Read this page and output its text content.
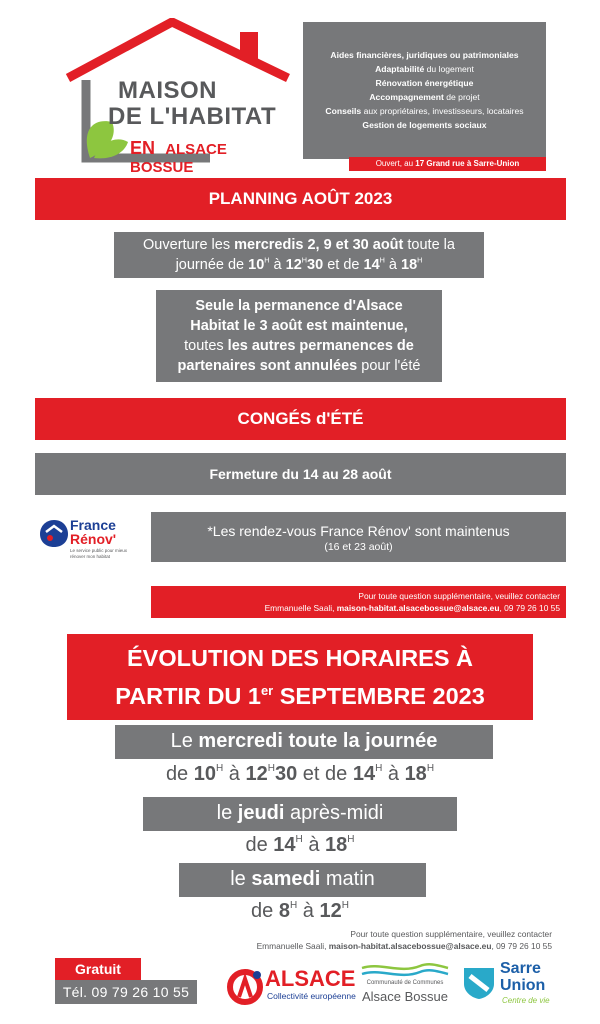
MAISON
DE L'HABITAT
EN ALSACE BOSSUE
Aides financières, juridiques ou patrimoniales
Adaptabilité du logement
Rénovation énergétique
Accompagnement de projet
Conseils aux propriétaires, investisseurs, locataires
Gestion de logements sociaux
Ouvert, au 17 Grand rue à Sarre-Union
PLANNING AOÛT 2023
Ouverture les mercredis 2, 9 et 30 août toute la
journée de $10^H$ à $12^H30$ et de $14^H$ à $18^H$
Seule la permanence d'Alsace
Habitat le 3 août est maintenue,
toutes les autres permanences de
partenaires sont annulées pour l'été
CONGÉS d'ÉTÉ
Fermeture du 14 au 28 août
France
Rénov'
Le service public pour mieux rénover mon habitat
*Les rendez-vous France Rénov' sont maintenus
(16 et 23 août)
Pour toute question supplémentaire, veuillez contacter
Emmanuelle Saali, maison-habitat.alsacebossue@alsace.eu, 09 79 26 10 55
ÉVOLUTION DES HORAIRES À
PARTIR DU 1er SEPTEMBRE 2023
Le mercredi toute la journée
de $10^H$ à $12^H30$ et de $14^H$ à $18^H$
le jeudi après-midi
de $14^H$ à $18^H$
le samedi matin
de $8^H$ à $12^H$
Pour toute question supplémentaire, veuillez contacter
Emmanuelle Saali, maison-habitat.alsacebossue@alsace.eu, 09 79 26 10 55
Gratuit
Tél. 09 79 26 10 55
ALSACE
Collectivité européenne
Communauté de Communes
Alsace Bossue
Sarre
Union
Centre de vie
